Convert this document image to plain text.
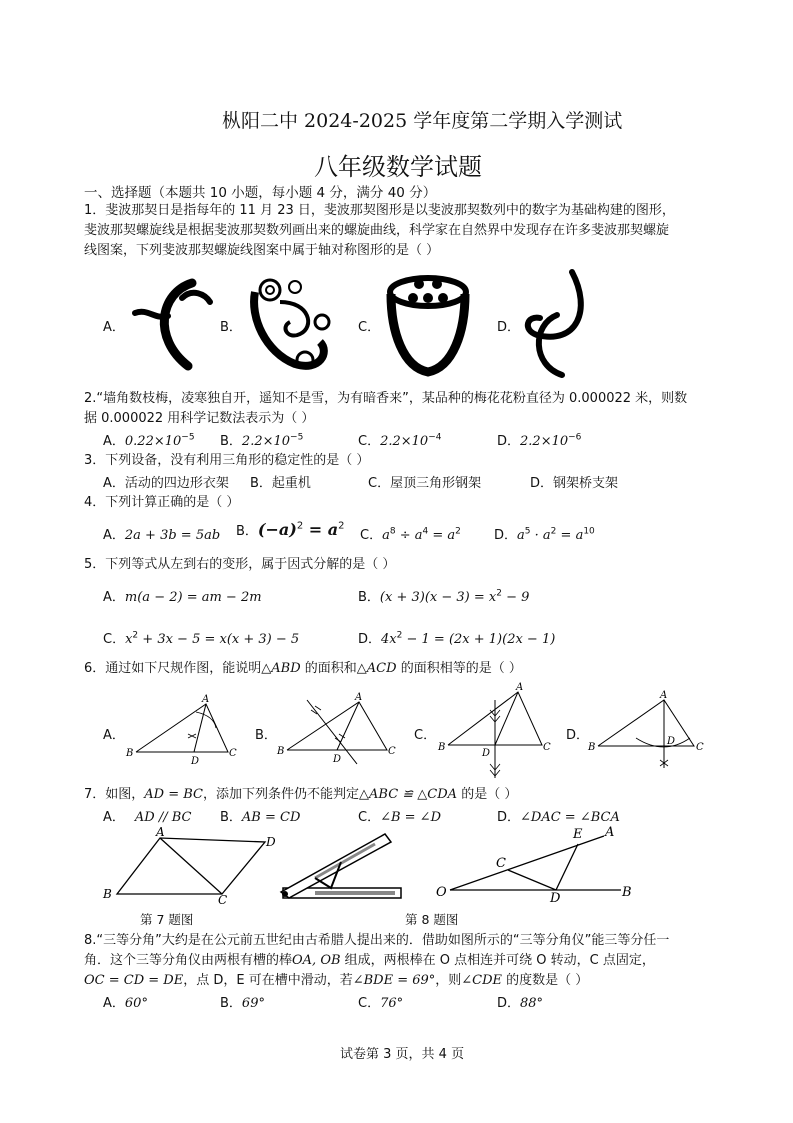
枞阳二中 2024-2025 学年度第二学期入学测试
八年级数学试题
一、选择题（本题共 10 小题，每小题 4 分，满分 40 分）
1．斐波那契日是指每年的 11 月 23 日，斐波那契图形是以斐波那契数列中的数字为基础构建的图形，
斐波那契螺旋线是根据斐波那契数列画出来的螺旋曲线，科学家在自然界中发现存在许多斐波那契螺旋
线图案，下列斐波那契螺旋线图案中属于轴对称图形的是（ ）
A．	B．	C．	D．
2.“墙角数枝梅，凌寒独自开，遥知不是雪，为有暗香来”，某品种的梅花花粉直径为 0.000022 米，则数
据 0.000022 用科学记数法表示为（ ）
A．$0.22\times 10^{-5}$ B．$2.2\times 10^{-5}$	C．$2.2\times 10^{-4}$	D．$2.2\times 10^{-6}$
3．下列设备，没有利用三角形的稳定性的是（ ）
A．活动的四边形衣架 B．起重机	C．屋顶三角形钢架	D．钢架桥支架
4．下列计算正确的是（ ）
A．2a + 3b = 5ab B．$(-a)^2 = a^2$
C．$a^8 \div a^4 = a^2$	D．$a^5 \cdot a^2 = a^{10}$
5．下列等式从左到右的变形，属于因式分解的是（ ）
A．m(a − 2) = am − 2m	B．$(x + 3)(x - 3) = x^2 - 9$
C．$x^2 + 3x - 5 = x(x + 3) - 5$	D．$4x^2 - 1 = (2x + 1)(2x - 1)$
6．通过如下尺规作图，能说明△ABD 的面积和△ACD 的面积相等的是（ ）
A．	B．	C．	D．
A
B	C
D
A
B	C
D
A
B	C
D
A
B	C
D
7．如图，AD = BC，添加下列条件仍不能判定△ABC ≌ △CDA 的是（ ）
A． AD // BC B．AB = CD	C．∠B = ∠D	D．∠DAC = ∠BCA
A
D
B	C
E A
C
O	D	B
第 7 题图	第 8 题图
8.“三等分角”大约是在公元前五世纪由古希腊人提出来的．借助如图所示的“三等分角仪”能三等分任一
角．这个三等分角仪由两根有槽的棒OA, OB 组成，两根棒在 O 点相连并可绕 O 转动，C 点固定，
OC = CD = DE，点 D，E 可在槽中滑动，若∠BDE = 69°，则∠CDE 的度数是（ ）
A．60°	B．69°	C．76°	D．88°
试卷第 3 页，共 4 页
